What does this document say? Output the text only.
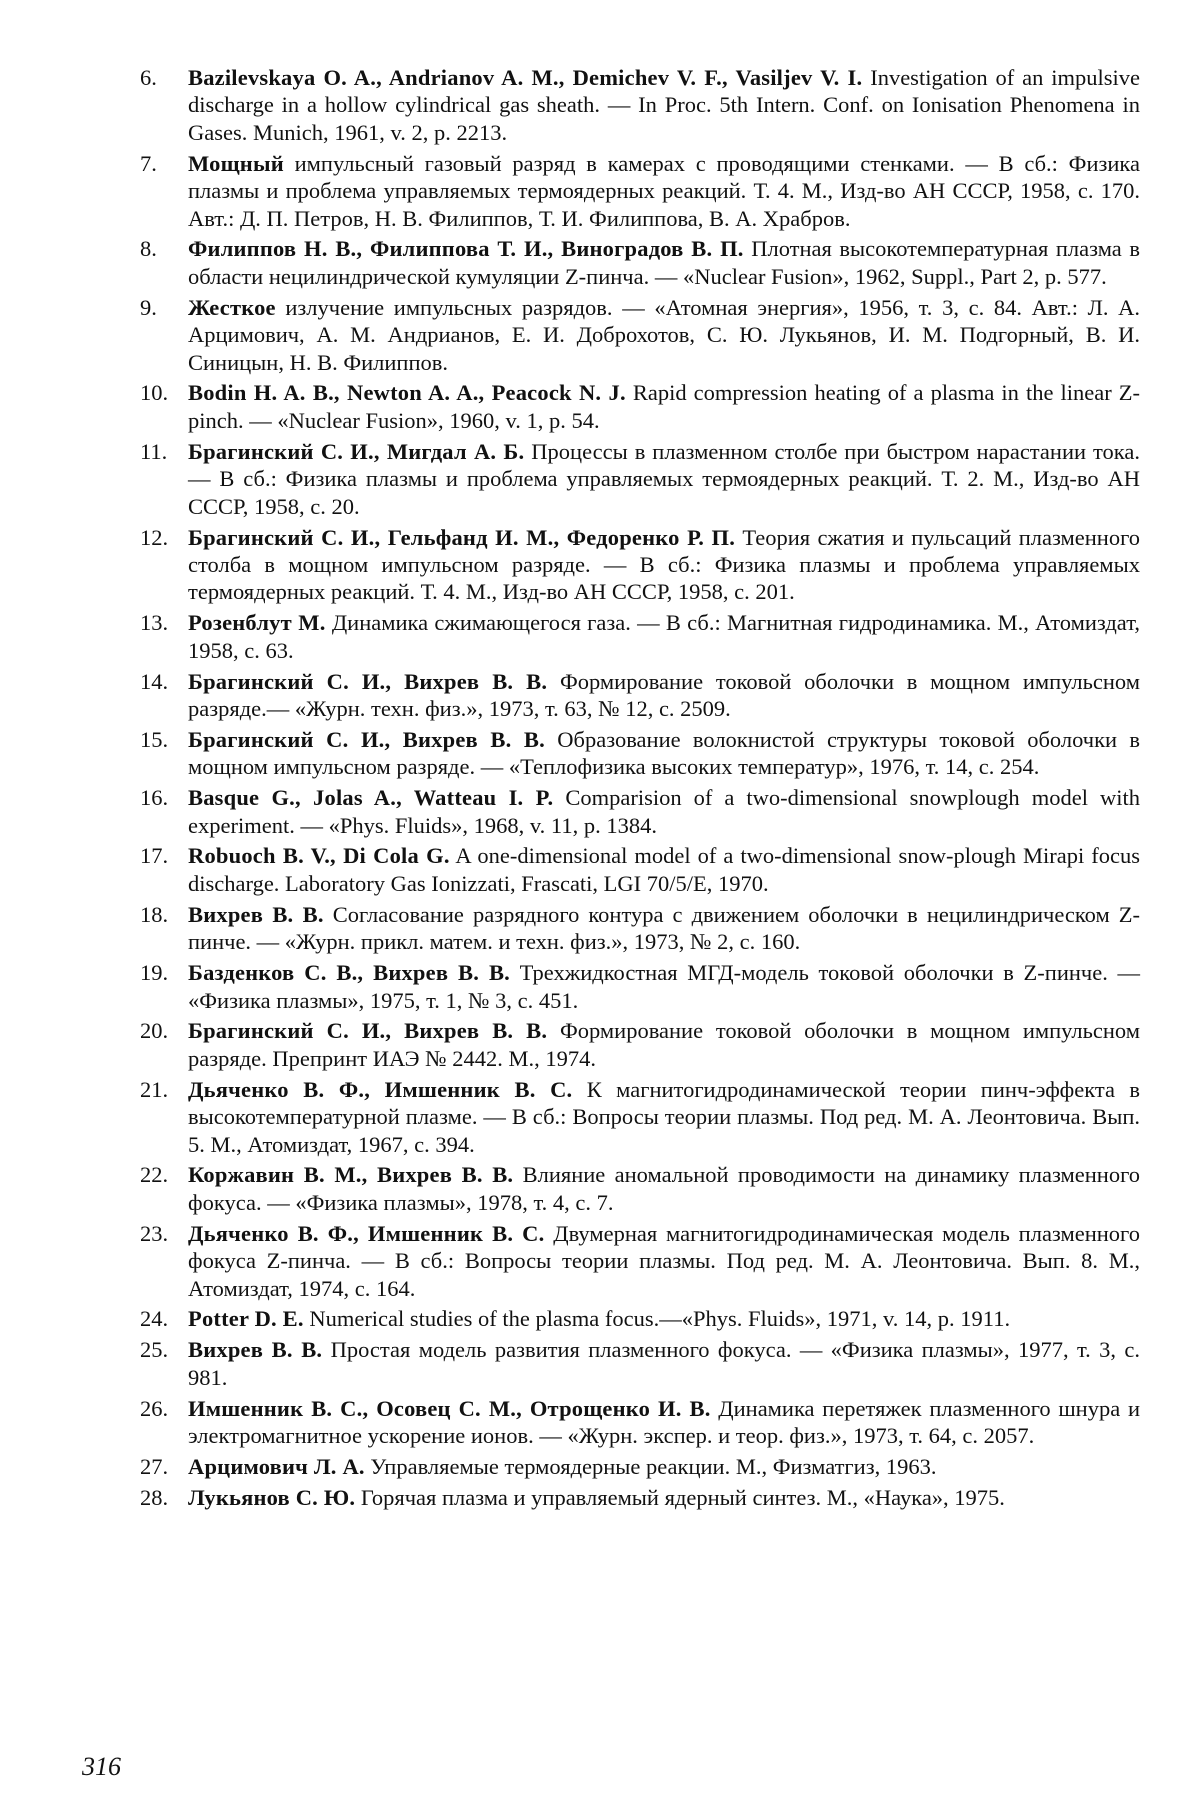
6.	Bazilevskaya O. A., Andrianov A. M., Demichev V. F., Vasiljev V. I. Investigation of an impulsive discharge in a hollow cylindrical gas sheath. — In Proc. 5th Intern. Conf. on Ionisation Phenomena in Gases. Munich, 1961, v. 2, p. 2213.
7.	Мощный импульсный газовый разряд в камерах с проводящими стенками. — В сб.: Физика плазмы и проблема управляемых термоядерных реакций. Т. 4. М., Изд-во АН СССР, 1958, с. 170. Авт.: Д. П. Петров, Н. В. Филиппов, Т. И. Филиппова, В. А. Храбров.
8.	Филиппов Н. В., Филиппова Т. И., Виноградов В. П. Плотная высокотемпературная плазма в области нецилиндрической кумуляции Z-пинча. — «Nuclear Fusion», 1962, Suppl., Part 2, p. 577.
9.	Жесткое излучение импульсных разрядов. — «Атомная энергия», 1956, т. 3, с. 84. Авт.: Л. А. Арцимович, А. М. Андрианов, Е. И. Доброхотов, С. Ю. Лукьянов, И. М. Подгорный, В. И. Синицын, Н. В. Филиппов.
10. Bodin H. A. B., Newton A. A., Peacock N. J. Rapid compression heating of a plasma in the linear Z-pinch. — «Nuclear Fusion», 1960, v. 1, p. 54.
11. Брагинский С. И., Мигдал А. Б. Процессы в плазменном столбе при быстром нарастании тока. — В сб.: Физика плазмы и проблема управляемых термоядерных реакций. Т. 2. М., Изд-во АН СССР, 1958, с. 20.
12. Брагинский С. И., Гельфанд И. М., Федоренко Р. П. Теория сжатия и пульсаций плазменного столба в мощном импульсном разряде. — В сб.: Физика плазмы и проблема управляемых термоядерных реакций. Т. 4. М., Изд-во АН СССР, 1958, с. 201.
13. Розенблут М. Динамика сжимающегося газа. — В сб.: Магнитная гидродинамика. М., Атомиздат, 1958, с. 63.
14. Брагинский С. И., Вихрев В. В. Формирование токовой оболочки в мощном импульсном разряде.— «Журн. техн. физ.», 1973, т. 63, № 12, с. 2509.
15. Брагинский С. И., Вихрев В. В. Образование волокнистой структуры токовой оболочки в мощном импульсном разряде. — «Теплофизика высоких температур», 1976, т. 14, с. 254.
16. Basque G., Jolas A., Watteau I. P. Comparision of a two-dimensional snowplough model with experiment. — «Phys. Fluids», 1968, v. 11, p. 1384.
17. Robuoch B. V., Di Cola G. A one-dimensional model of a two-dimensional snow-plough Mirapi focus discharge. Laboratory Gas Ionizzati, Frascati, LGI 70/5/E, 1970.
18. Вихрев В. В. Согласование разрядного контура с движением оболочки в нецилиндрическом Z-пинче. — «Журн. прикл. матем. и техн. физ.», 1973, № 2, с. 160.
19. Базденков С. В., Вихрев В. В. Трехжидкостная МГД-модель токовой оболочки в Z-пинче. — «Физика плазмы», 1975, т. 1, № 3, с. 451.
20. Брагинский С. И., Вихрев В. В. Формирование токовой оболочки в мощном импульсном разряде. Препринт ИАЭ № 2442. М., 1974.
21. Дьяченко В. Ф., Имшенник В. С. К магнитогидродинамической теории пинч-эффекта в высокотемпературной плазме. — В сб.: Вопросы теории плазмы. Под ред. М. А. Леонтовича. Вып. 5. М., Атомиздат, 1967, с. 394.
22. Коржавин В. М., Вихрев В. В. Влияние аномальной проводимости на динамику плазменного фокуса. — «Физика плазмы», 1978, т. 4, с. 7.
23. Дьяченко В. Ф., Имшенник В. С. Двумерная магнитогидродинамическая модель плазменного фокуса Z-пинча. — В сб.: Вопросы теории плазмы. Под ред. М. А. Леонтовича. Вып. 8. М., Атомиздат, 1974, с. 164.
24. Potter D. E. Numerical studies of the plasma focus.—«Phys. Fluids», 1971, v. 14, p. 1911.
25. Вихрев В. В. Простая модель развития плазменного фокуса. — «Физика плазмы», 1977, т. 3, с. 981.
26. Имшенник В. С., Осовец С. М., Отрощенко И. В. Динамика перетяжек плазменного шнура и электромагнитное ускорение ионов. — «Журн. экспер. и теор. физ.», 1973, т. 64, с. 2057.
27. Арцимович Л. А. Управляемые термоядерные реакции. М., Физматгиз, 1963.
28. Лукьянов С. Ю. Горячая плазма и управляемый ядерный синтез. М., «Наука», 1975.
316
